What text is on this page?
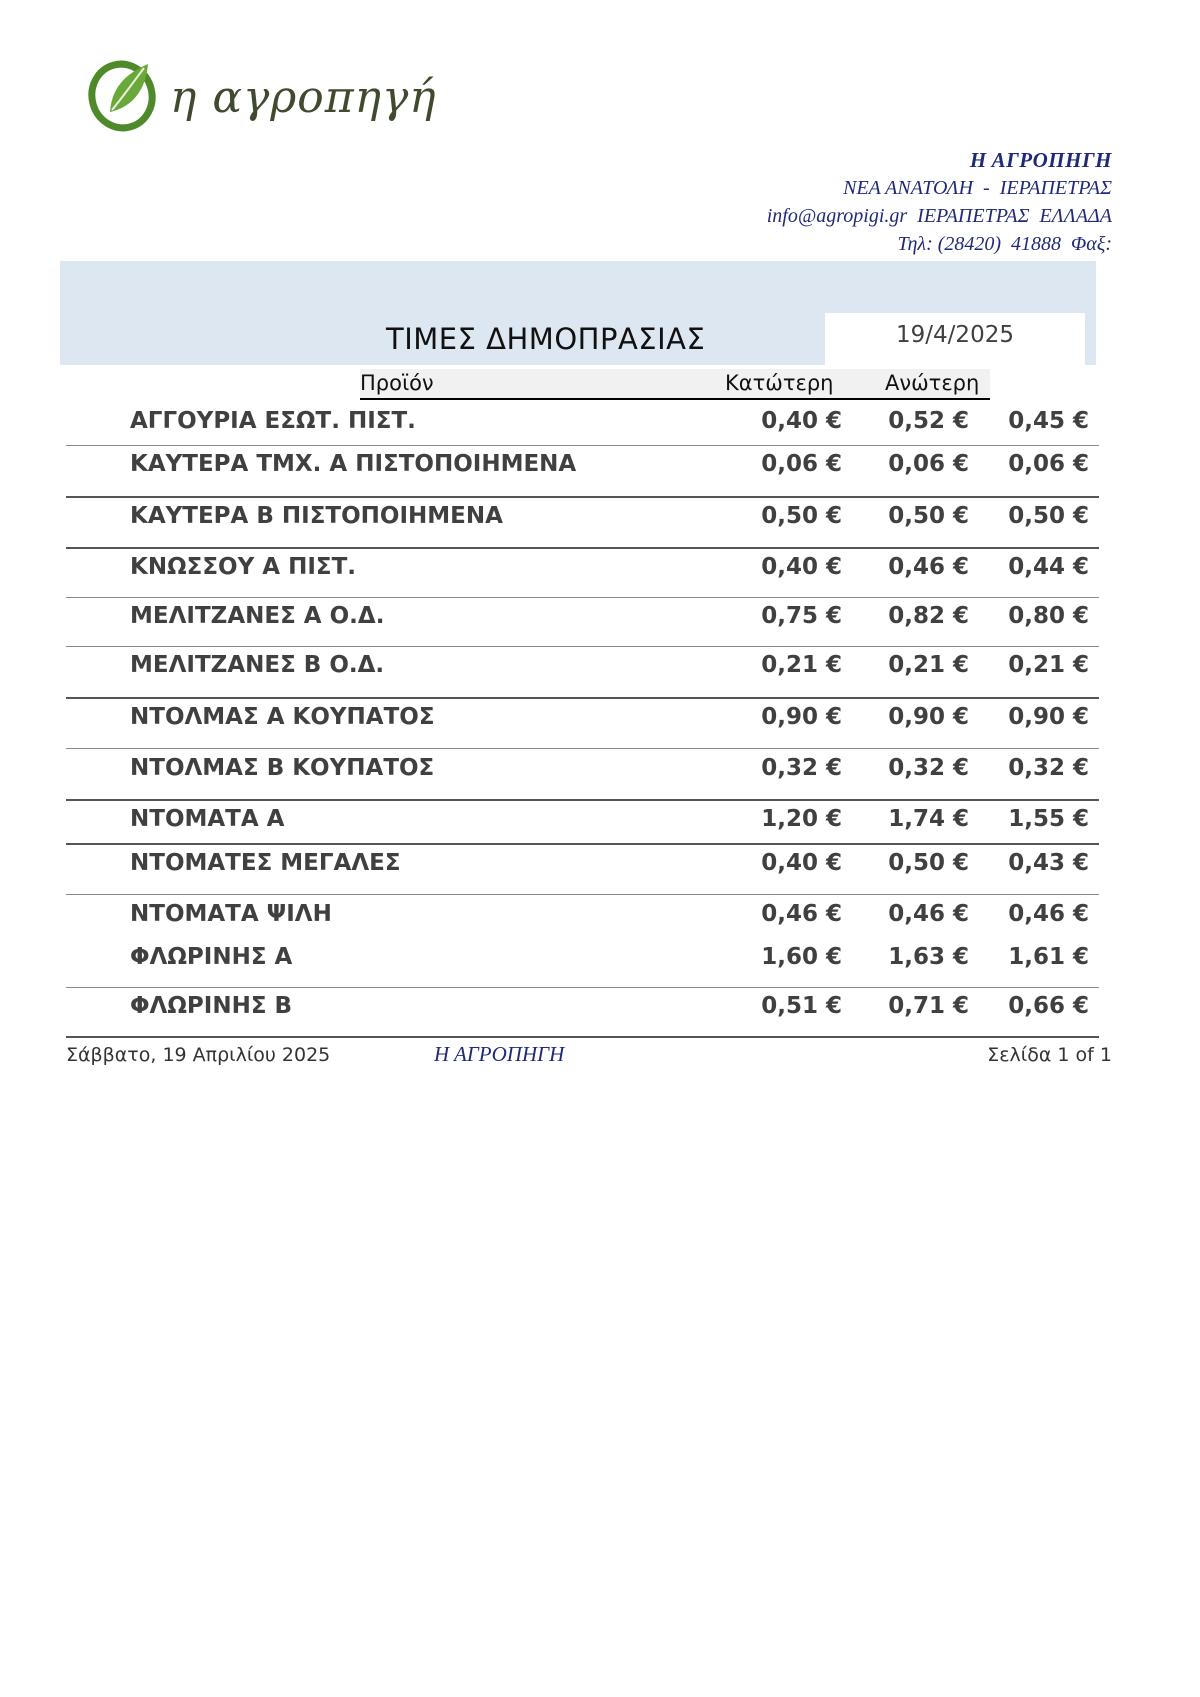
η αγροπηγή
Η ΑΓΡΟΠΗΓΗ
ΝΕΑ ΑΝΑΤΟΛΗ  -  ΙΕΡΑΠΕΤΡΑΣ
info@agropigi.gr  ΙΕΡΑΠΕΤΡΑΣ  ΕΛΛΑΔΑ
Τηλ: (28420)  41888  Φαξ:
ΤΙΜΕΣ ΔΗΜΟΠΡΑΣΙΑΣ	19/4/2025
Προϊόν	Κατώτερη Ανώτερη
ΑΓΓΟΥΡΙΑ ΕΣΩΤ. ΠΙΣΤ.	0,40 € 0,52 € 0,45 €
ΚΑΥΤΕΡΑ ΤΜΧ. Α ΠΙΣΤΟΠΟΙΗΜΕΝΑ	0,06 € 0,06 € 0,06 €
ΚΑΥΤΕΡΑ Β ΠΙΣΤΟΠΟΙΗΜΕΝΑ	0,50 € 0,50 € 0,50 €
ΚΝΩΣΣΟΥ Α ΠΙΣΤ.	0,40 € 0,46 € 0,44 €
ΜΕΛΙΤΖΑΝΕΣ Α Ο.Δ.	0,75 € 0,82 € 0,80 €
ΜΕΛΙΤΖΑΝΕΣ Β Ο.Δ.	0,21 € 0,21 € 0,21 €
ΝΤΟΛΜΑΣ Α ΚΟΥΠΑΤΟΣ	0,90 € 0,90 € 0,90 €
ΝΤΟΛΜΑΣ Β ΚΟΥΠΑΤΟΣ	0,32 € 0,32 € 0,32 €
ΝΤΟΜΑΤΑ Α	1,20 € 1,74 € 1,55 €
ΝΤΟΜΑΤΕΣ ΜΕΓΑΛΕΣ	0,40 € 0,50 € 0,43 €
ΝΤΟΜΑΤΑ ΨΙΛΗ	0,46 € 0,46 € 0,46 €
ΦΛΩΡΙΝΗΣ Α	1,60 € 1,63 € 1,61 €
ΦΛΩΡΙΝΗΣ Β	0,51 € 0,71 € 0,66 €
Σάββατο, 19 Απριλίου 2025	Η ΑΓΡΟΠΗΓΗ	Σελίδα 1 of 1
